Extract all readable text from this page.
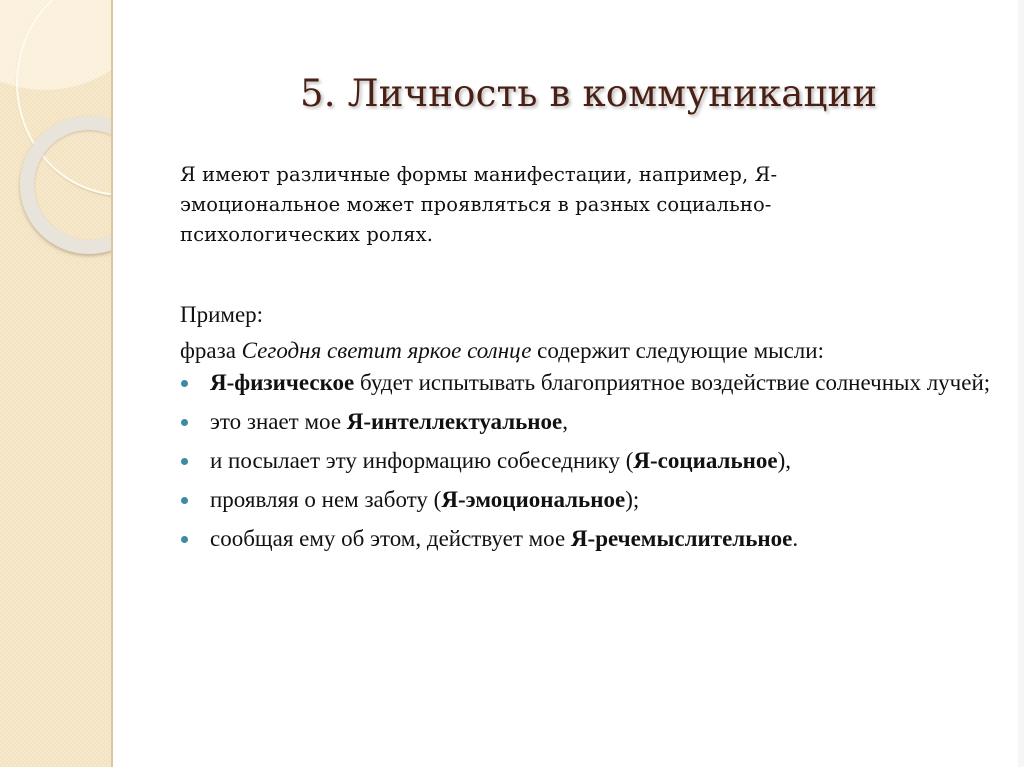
5. Личность в коммуникации
Я имеют различные формы манифестации, например, Я-
эмоциональное может проявляться в разных социально-
психологических ролях.
Пример:
фраза Сегодня светит яркое солнце содержит следующие мысли:
Я-физическое будет испытывать благоприятное воздействие солнечных лучей;
это знает мое Я-интеллектуальное,
и посылает эту информацию собеседнику (Я-социальное),
проявляя о нем заботу (Я-эмоциональное);
сообщая ему об этом, действует мое Я-речемыслительное.
